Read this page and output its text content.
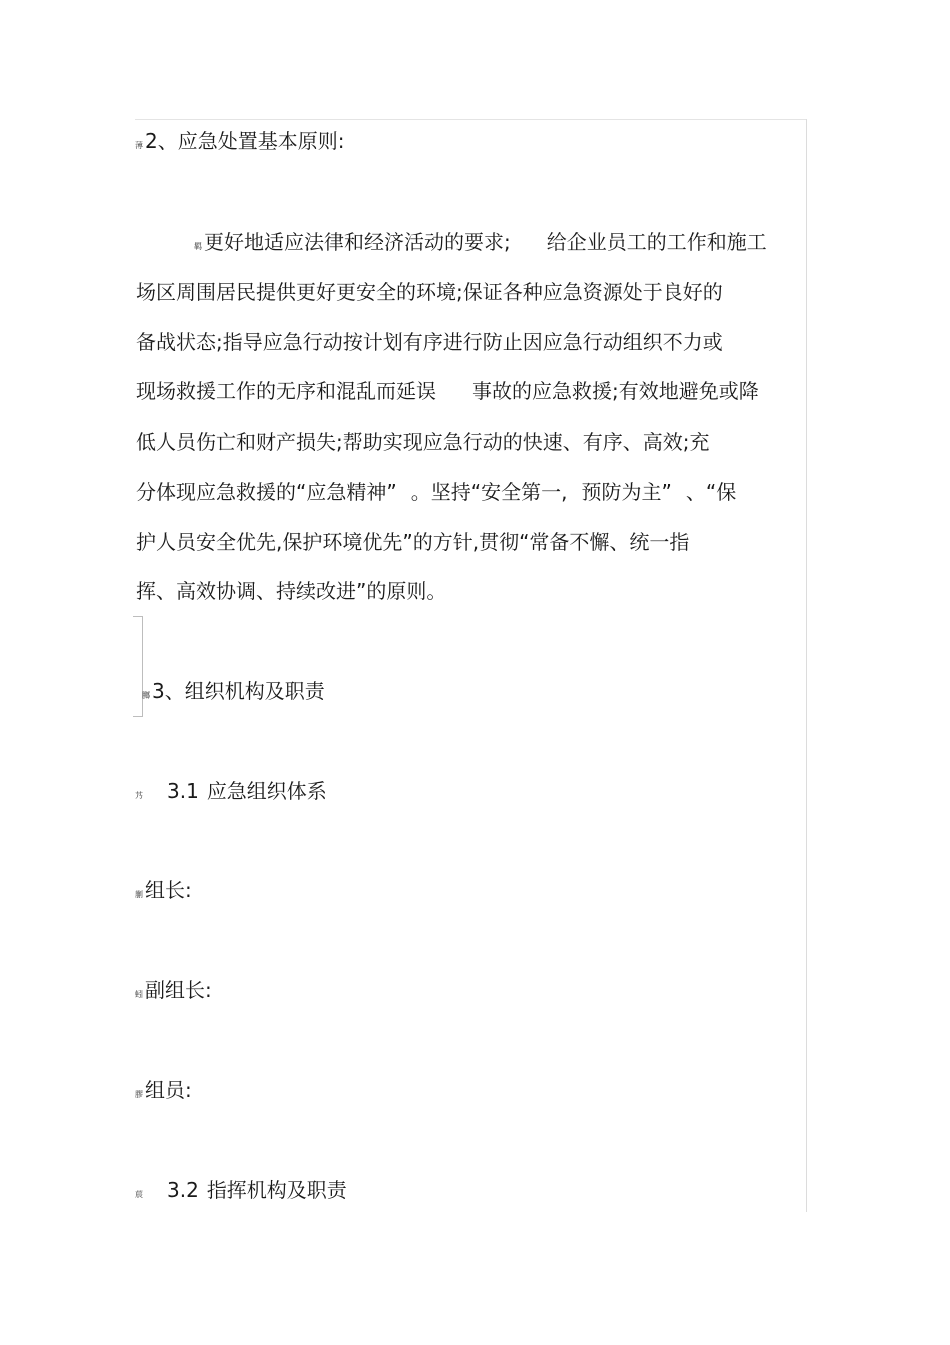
薄 2、应急处置基本原则:
羁 更好地适应法律和经济活动的要求; 给企业员工的工作和施工
场区周围居民提供更好更安全的环境;保证各种应急资源处于良好的
备战状态;指导应急行动按计划有序进行防止因应急行动组织不力或
现场救援工作的无序和混乱而延误 事故的应急救援;有效地避免或降
低人员伤亡和财产损失;帮助实现应急行动的快速、有序、高效;充
分体现应急救援的“应急精神” 。坚持“安全第一, 预防为主” 、“保
护人员安全优先,保护环境优先”的方针,贯彻“常备不懈、统一指
挥、高效协调、持续改进”的原则。
膷 3、组织机构及职责
艿 3.1 应急组织体系
蒯 组长:
蚓 副组长:
膠 组员:
莀 3.2 指挥机构及职责
